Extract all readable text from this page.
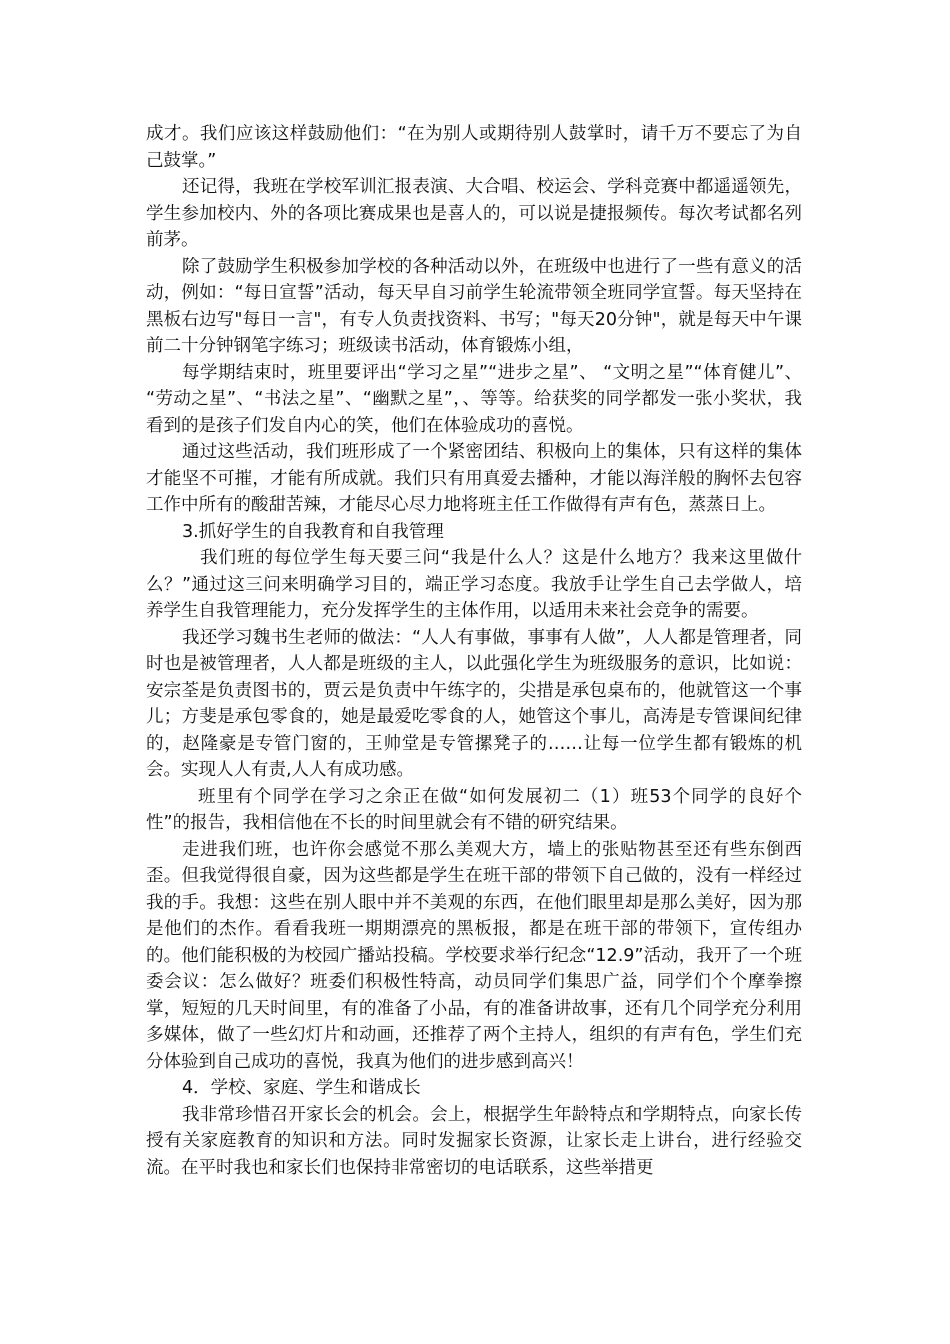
成才。我们应该这样鼓励他们：“在为别人或期待别人鼓掌时，请千万不要忘了为自己鼓掌。”

还记得，我班在学校军训汇报表演、大合唱、校运会、学科竞赛中都遥遥领先，学生参加校内、外的各项比赛成果也是喜人的，可以说是捷报频传。每次考试都名列前茅。

除了鼓励学生积极参加学校的各种活动以外，在班级中也进行了一些有意义的活动，例如：“每日宣誓”活动，每天早自习前学生轮流带领全班同学宣誓。每天坚持在黑板右边写"每日一言"，有专人负责找资料、书写；"每天20分钟"，就是每天中午课前二十分钟钢笔字练习；班级读书活动，体育锻炼小组，

每学期结束时，班里要评出“学习之星”“进步之星”、 “文明之星”“体育健儿”、 “劳动之星”、“书法之星”、“幽默之星”，、等等。给获奖的同学都发一张小奖状，我看到的是孩子们发自内心的笑，他们在体验成功的喜悦。

通过这些活动，我们班形成了一个紧密团结、积极向上的集体，只有这样的集体才能坚不可摧，才能有所成就。我们只有用真爱去播种，才能以海洋般的胸怀去包容工作中所有的酸甜苦辣，才能尽心尽力地将班主任工作做得有声有色，蒸蒸日上。

3.抓好学生的自我教育和自我管理

我们班的每位学生每天要三问“我是什么人？这是什么地方？我来这里做什么？”通过这三问来明确学习目的，端正学习态度。我放手让学生自己去学做人，培养学生自我管理能力，充分发挥学生的主体作用，以适用未来社会竞争的需要。

我还学习魏书生老师的做法：“人人有事做，事事有人做”，人人都是管理者，同时也是被管理者，人人都是班级的主人，以此强化学生为班级服务的意识，比如说：安宗荃是负责图书的，贾云是负责中午练字的，尖措是承包桌布的，他就管这一个事儿；方斐是承包零食的，她是最爱吃零食的人，她管这个事儿，高涛是专管课间纪律的，赵隆豪是专管门窗的，王帅堂是专管摞凳子的……让每一位学生都有锻炼的机会。实现人人有责,人人有成功感。

班里有个同学在学习之余正在做“如何发展初二（1）班53个同学的良好个性”的报告，我相信他在不长的时间里就会有不错的研究结果。

走进我们班，也许你会感觉不那么美观大方，墙上的张贴物甚至还有些东倒西歪。但我觉得很自豪，因为这些都是学生在班干部的带领下自己做的，没有一样经过我的手。我想：这些在别人眼中并不美观的东西，在他们眼里却是那么美好，因为那是他们的杰作。看看我班一期期漂亮的黑板报，都是在班干部的带领下，宣传组办的。他们能积极的为校园广播站投稿。学校要求举行纪念“12.9”活动，我开了一个班委会议：怎么做好？班委们积极性特高，动员同学们集思广益，同学们个个摩拳擦掌，短短的几天时间里，有的准备了小品，有的准备讲故事，还有几个同学充分利用多媒体，做了一些幻灯片和动画，还推荐了两个主持人，组织的有声有色，学生们充分体验到自己成功的喜悦，我真为他们的进步感到高兴！

4．学校、家庭、学生和谐成长

我非常珍惜召开家长会的机会。会上，根据学生年龄特点和学期特点，向家长传授有关家庭教育的知识和方法。同时发掘家长资源，让家长走上讲台，进行经验交流。在平时我也和家长们也保持非常密切的电话联系，这些举措更
